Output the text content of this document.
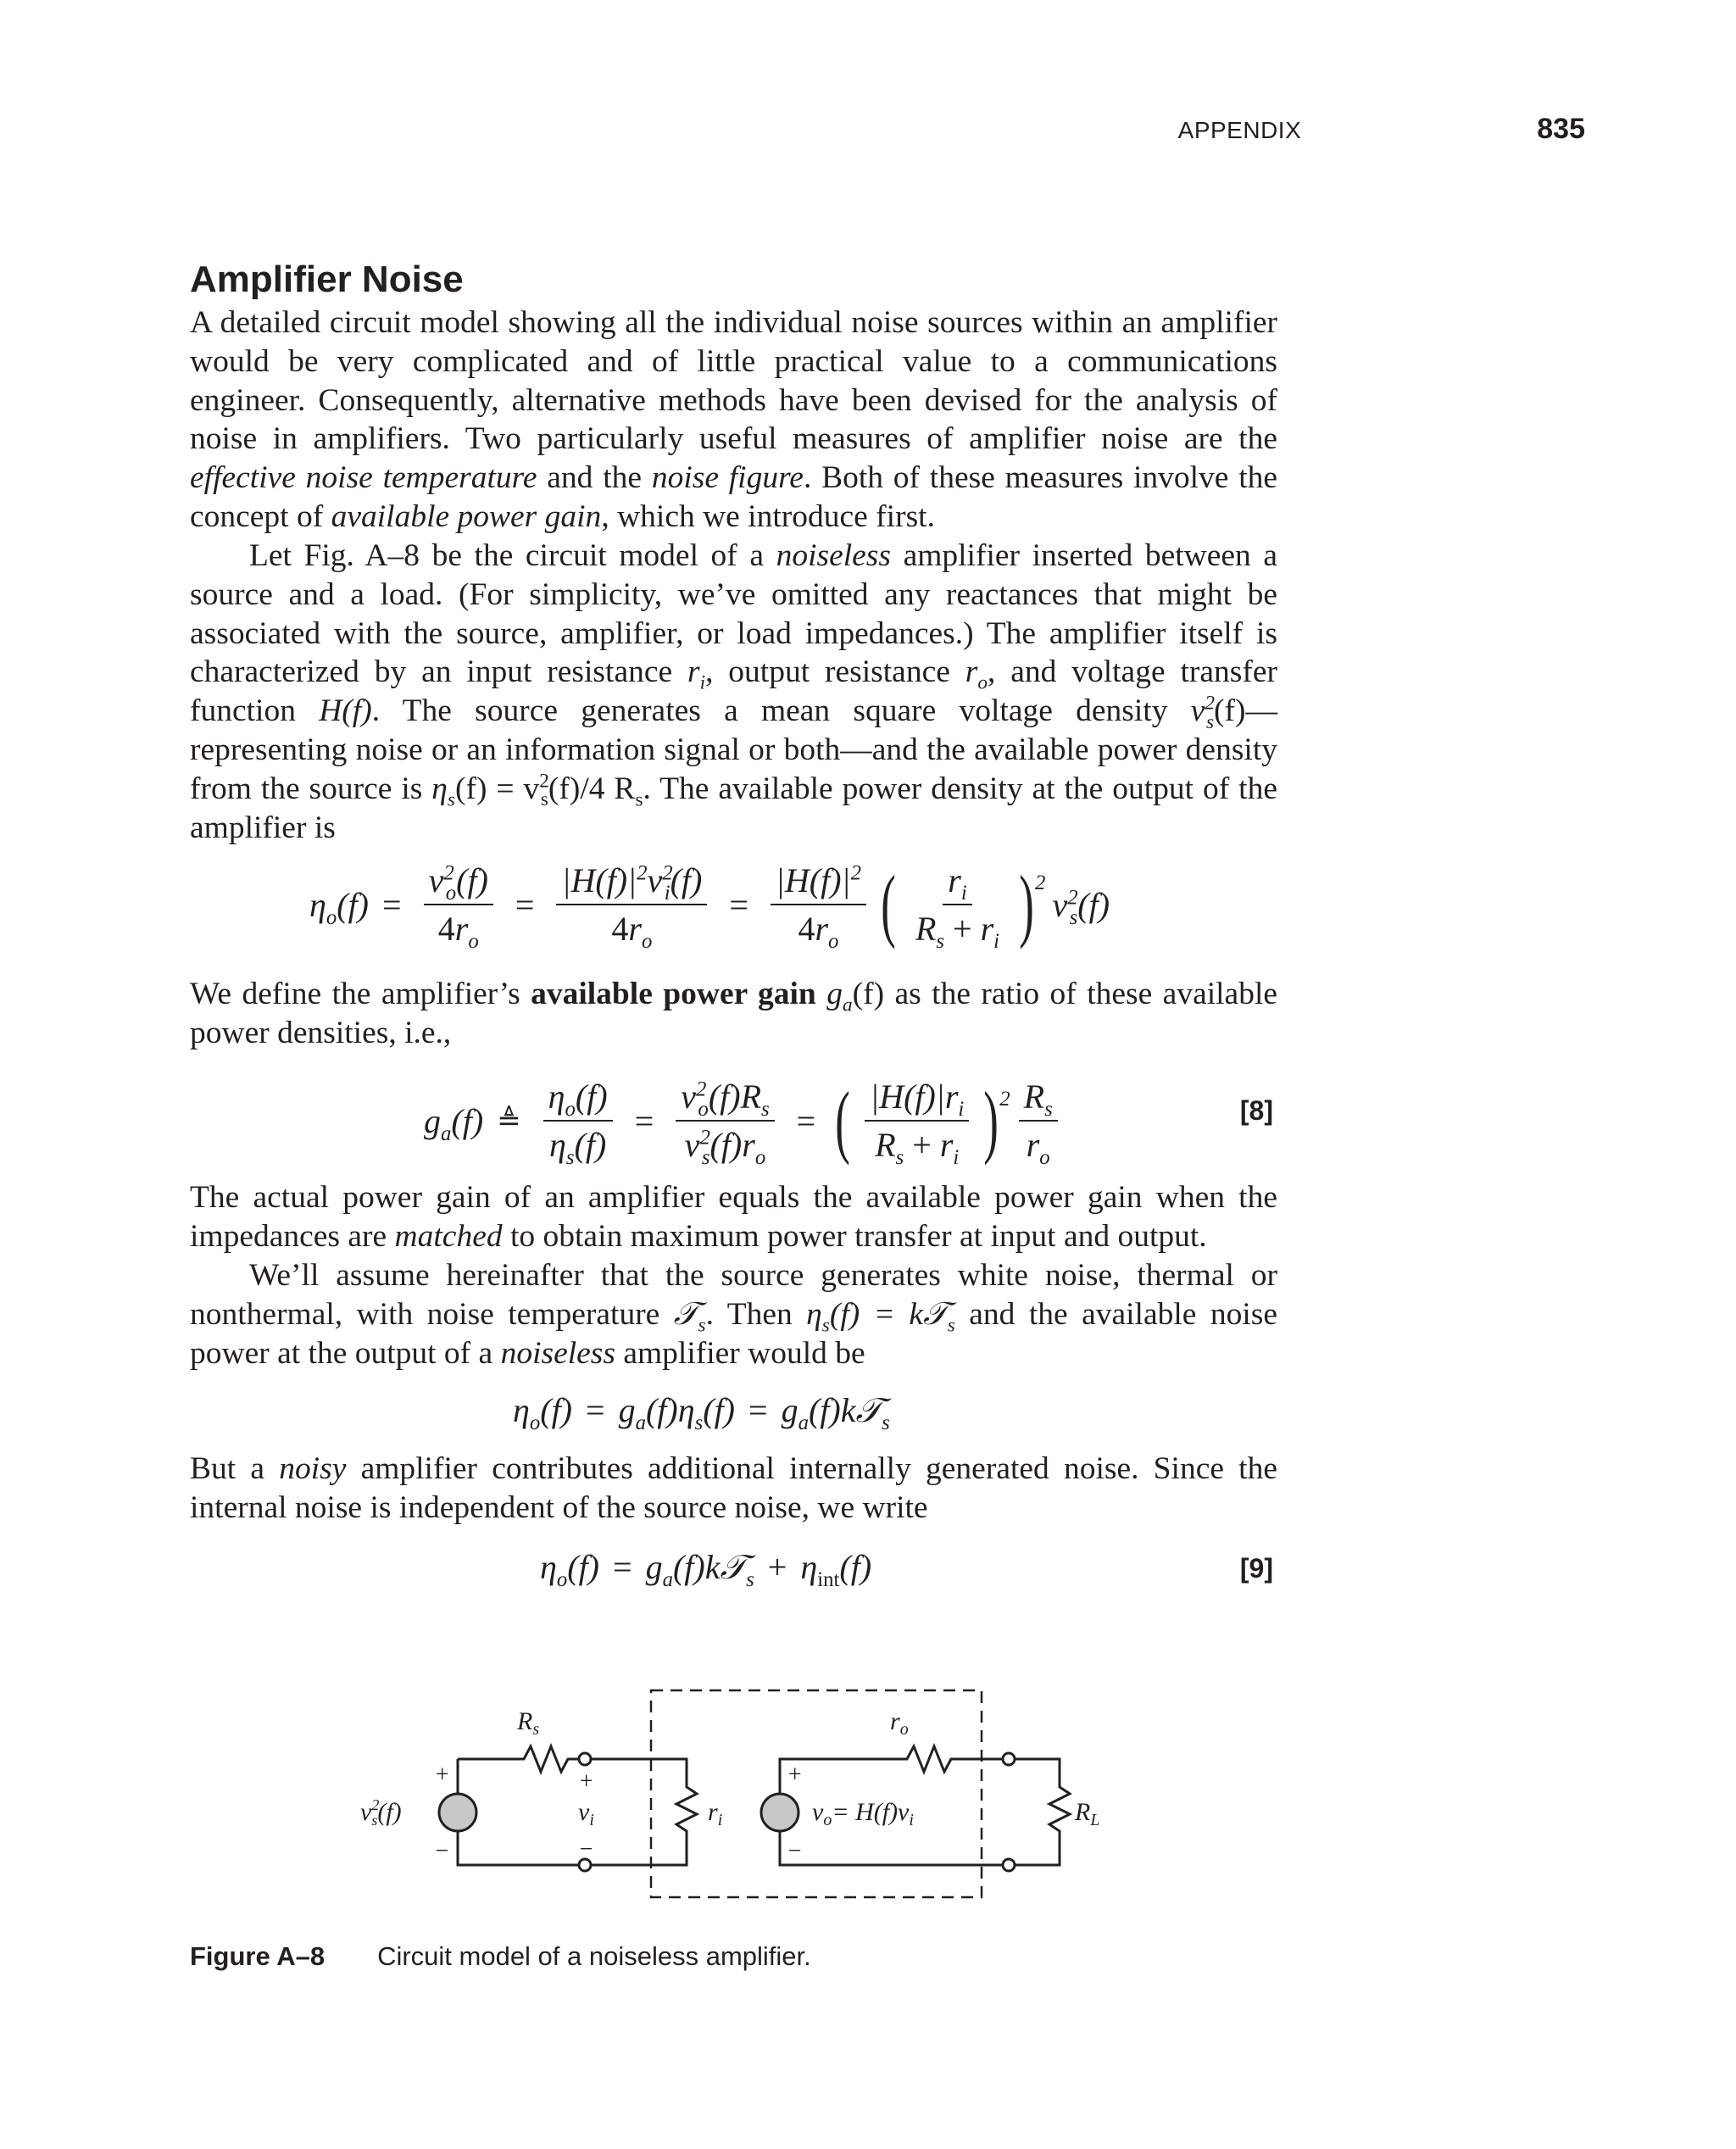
APPENDIX	835
Amplifier Noise

A detailed circuit model showing all the individual noise sources within an amplifier would be very complicated and of little practical value to a communications engineer. Consequently, alternative methods have been devised for the analysis of noise in amplifiers. Two particularly useful measures of amplifier noise are the effective noise temperature and the noise figure. Both of these measures involve the concept of available power gain, which we introduce first.

Let Fig. A–8 be the circuit model of a noiseless amplifier inserted between a source and a load. (For simplicity, we’ve omitted any reactances that might be associated with the source, amplifier, or load impedances.) The amplifier itself is characterized by an input resistance $r_i$, output resistance $r_o$, and voltage transfer function H(f). The source generates a mean square voltage density $v^2_s(f)—representing$ noise or an information signal or both—and the available power density from the source is $\eta_s(f) = v^2_s(f)/4$ $R_s$. The available power density at the output of the amplifier is

$\eta_o(f) = \frac{v^2_o(f)}{4r_o} = \frac{|H(f)|^2v^2_i(f)}{4r_o} = \frac{|H(f)|^2}{4r_o}$ ( $\frac{r_i}{R_s + r_i}$ ) 2
$v^2_s(f)$

We define the amplifier’s available power gain $g_a(f)$ as the ratio of these available power densities, i.e.,

$g_a(f)$ ≜ $\frac{\eta_o(f)}{\eta_s(f)} = \frac{v^2_o(f)R_s}{v^2_s(f)r_o}$ = ( $\frac{|H(f)|r_i}{R_s + r_i}$ ) $2 \frac{R_s}{r_o}$	[8]

The actual power gain of an amplifier equals the available power gain when the impedances are matched to obtain maximum power transfer at input and output.

We’ll assume hereinafter that the source generates white noise, thermal or nonthermal, with noise temperature 𝒯$_s$. Then $\eta_s(f)$ = k𝒯$_s$ and the available noise power at the output of a noiseless amplifier would be

$\eta_o(f) = g_a(f)\eta_s(f)$ = $g_a(f)k𝒯_s$

But a noisy amplifier contributes additional internally generated noise. Since the internal noise is independent of the source noise, we write

$\eta_o(f)$ = $g_a(f)k𝒯_s + \eta_{int}(f)$	[9]
$R_s$	$r_o$
$r_i$	$R_L$
$v_i$
$v^2$ s(f)	$v_o= H(f)v_i$
+
−
+
−
+
−
Figure A–8 Circuit model of a noiseless amplifier.
